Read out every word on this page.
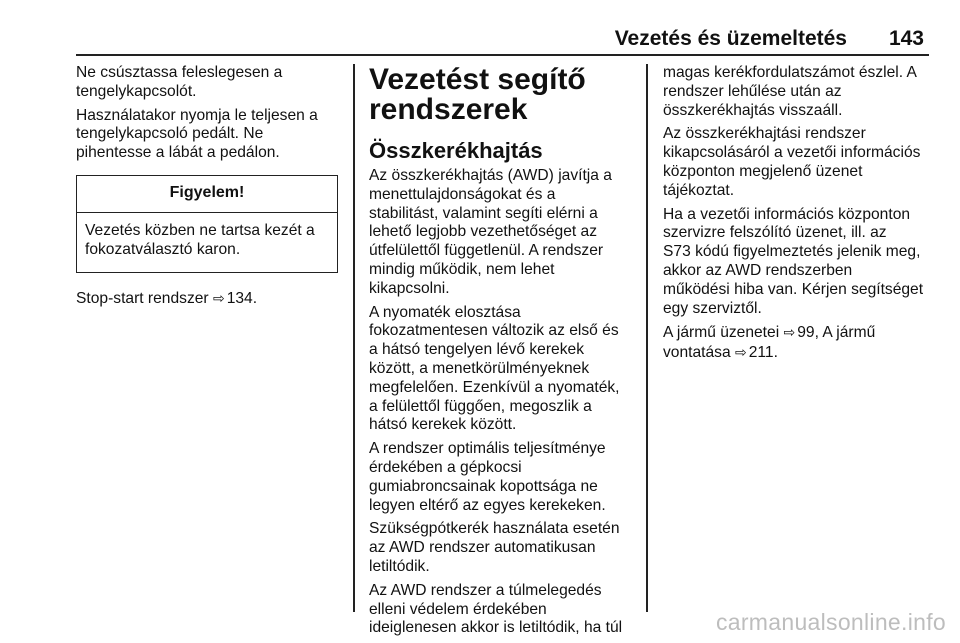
Vezetés és üzemeltetés 143

Ne csúsztassa feleslegesen a
tengelykapcsolót.

Használatakor nyomja le teljesen a
tengelykapcsoló pedált. Ne
pihentesse a lábát a pedálon.

Figyelem!

Vezetés közben ne tartsa kezét a
fokozatválasztó karon.

Stop-start rendszer ⇨ 134.

Vezetést segítő
rendszerek
Összkerékhajtás

Az összkerékhajtás (AWD) javítja a
menettulajdonságokat és a
stabilitást, valamint segíti elérni a
lehető legjobb vezethetőséget az
útfelülettől függetlenül. A rendszer
mindig működik, nem lehet
kikapcsolni.

A nyomaték elosztása
fokozatmentesen változik az első és
a hátsó tengelyen lévő kerekek
között, a menetkörülményeknek
megfelelően. Ezenkívül a nyomaték,
a felülettől függően, megoszlik a
hátsó kerekek között.

A rendszer optimális teljesítménye
érdekében a gépkocsi
gumiabroncsainak kopottsága ne
legyen eltérő az egyes kerekeken.

Szükségpótkerék használata esetén
az AWD rendszer automatikusan
letiltódik.

Az AWD rendszer a túlmelegedés
elleni védelem érdekében
ideiglenesen akkor is letiltódik, ha túl

magas kerékfordulatszámot észlel. A
rendszer lehűlése után az
összkerékhajtás visszaáll.

Az összkerékhajtási rendszer
kikapcsolásáról a vezetői információs
központon megjelenő üzenet
tájékoztat.

Ha a vezetői információs központon
szervizre felszólító üzenet, ill. az
S73 kódú figyelmeztetés jelenik meg,
akkor az AWD rendszerben
működési hiba van. Kérjen segítséget
egy szerviztől.

A jármű üzenetei ⇨ 99, A jármű
vontatása ⇨ 211.

carmanualsonline.info
